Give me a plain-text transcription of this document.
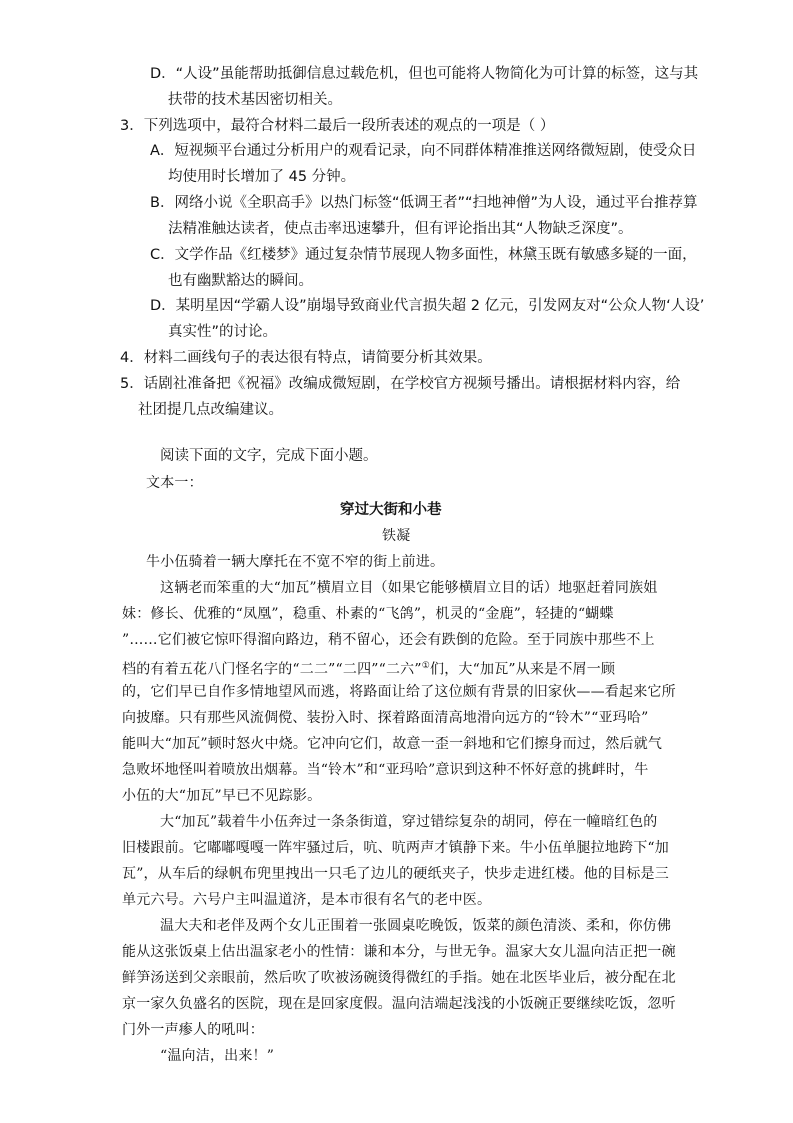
D．“人设”虽能帮助抵御信息过载危机，但也可能将人物简化为可计算的标签，这与其
扶带的技术基因密切相关。
3．下列选项中，最符合材料二最后一段所表述的观点的一项是（ ）
A．短视频平台通过分析用户的观看记录，向不同群体精准推送网络微短剧，使受众日
均使用时长增加了 45 分钟。
B．网络小说《全职高手》以热门标签“低调王者”“扫地神僧”为人设，通过平台推荐算
法精准触达读者，使点击率迅速攀升，但有评论指出其“人物缺乏深度”。
C．文学作品《红楼梦》通过复杂情节展现人物多面性，林黛玉既有敏感多疑的一面，
也有幽默豁达的瞬间。
D．某明星因“学霸人设”崩塌导致商业代言损失超 2 亿元，引发网友对“公众人物‘人设’
真实性”的讨论。
4．材料二画线句子的表达很有特点，请简要分析其效果。
5．话剧社准备把《祝福》改编成微短剧，在学校官方视频号播出。请根据材料内容，给
社团提几点改编建议。
阅读下面的文字，完成下面小题。
文本一：
穿过大街和小巷
铁凝
牛小伍骑着一辆大摩托在不宽不窄的街上前进。
这辆老而笨重的大“加瓦”横眉立目（如果它能够横眉立目的话）地驱赶着同族姐
妹：修长、优雅的“凤凰”，稳重、朴素的“飞鸽”，机灵的“金鹿”，轻捷的“蝴蝶
”……它们被它惊吓得溜向路边，稍不留心，还会有跌倒的危险。至于同族中那些不上
档的有着五花八门怪名字的“二二”“二四”“二六”①们，大“加瓦”从来是不屑一顾
的，它们早已自作多情地望风而逃，将路面让给了这位颇有背景的旧家伙——看起来它所
向披靡。只有那些风流倜傥、装扮入时、探着路面清高地滑向远方的“铃木”“亚玛哈”
能叫大“加瓦”顿时怒火中烧。它冲向它们，故意一歪一斜地和它们擦身而过，然后就气
急败坏地怪叫着喷放出烟幕。当“铃木”和“亚玛哈”意识到这种不怀好意的挑衅时，牛
小伍的大“加瓦”早已不见踪影。
大“加瓦”载着牛小伍奔过一条条街道，穿过错综复杂的胡同，停在一幢暗红色的
旧楼跟前。它嘟嘟嘎嘎一阵牢骚过后，吭、吭两声才镇静下来。牛小伍单腿拉地跨下“加
瓦”，从车后的绿帆布兜里拽出一只毛了边儿的硬纸夹子，快步走进红楼。他的目标是三
单元六号。六号户主叫温道济，是本市很有名气的老中医。
温大夫和老伴及两个女儿正围着一张圆桌吃晚饭，饭菜的颜色清淡、柔和，你仿佛
能从这张饭桌上估出温家老小的性情：谦和本分，与世无争。温家大女儿温向洁正把一碗
鲜笋汤送到父亲眼前，然后吹了吹被汤碗烫得微红的手指。她在北医毕业后，被分配在北
京一家久负盛名的医院，现在是回家度假。温向洁端起浅浅的小饭碗正要继续吃饭，忽听
门外一声瘆人的吼叫：
“温向洁，出来！”
